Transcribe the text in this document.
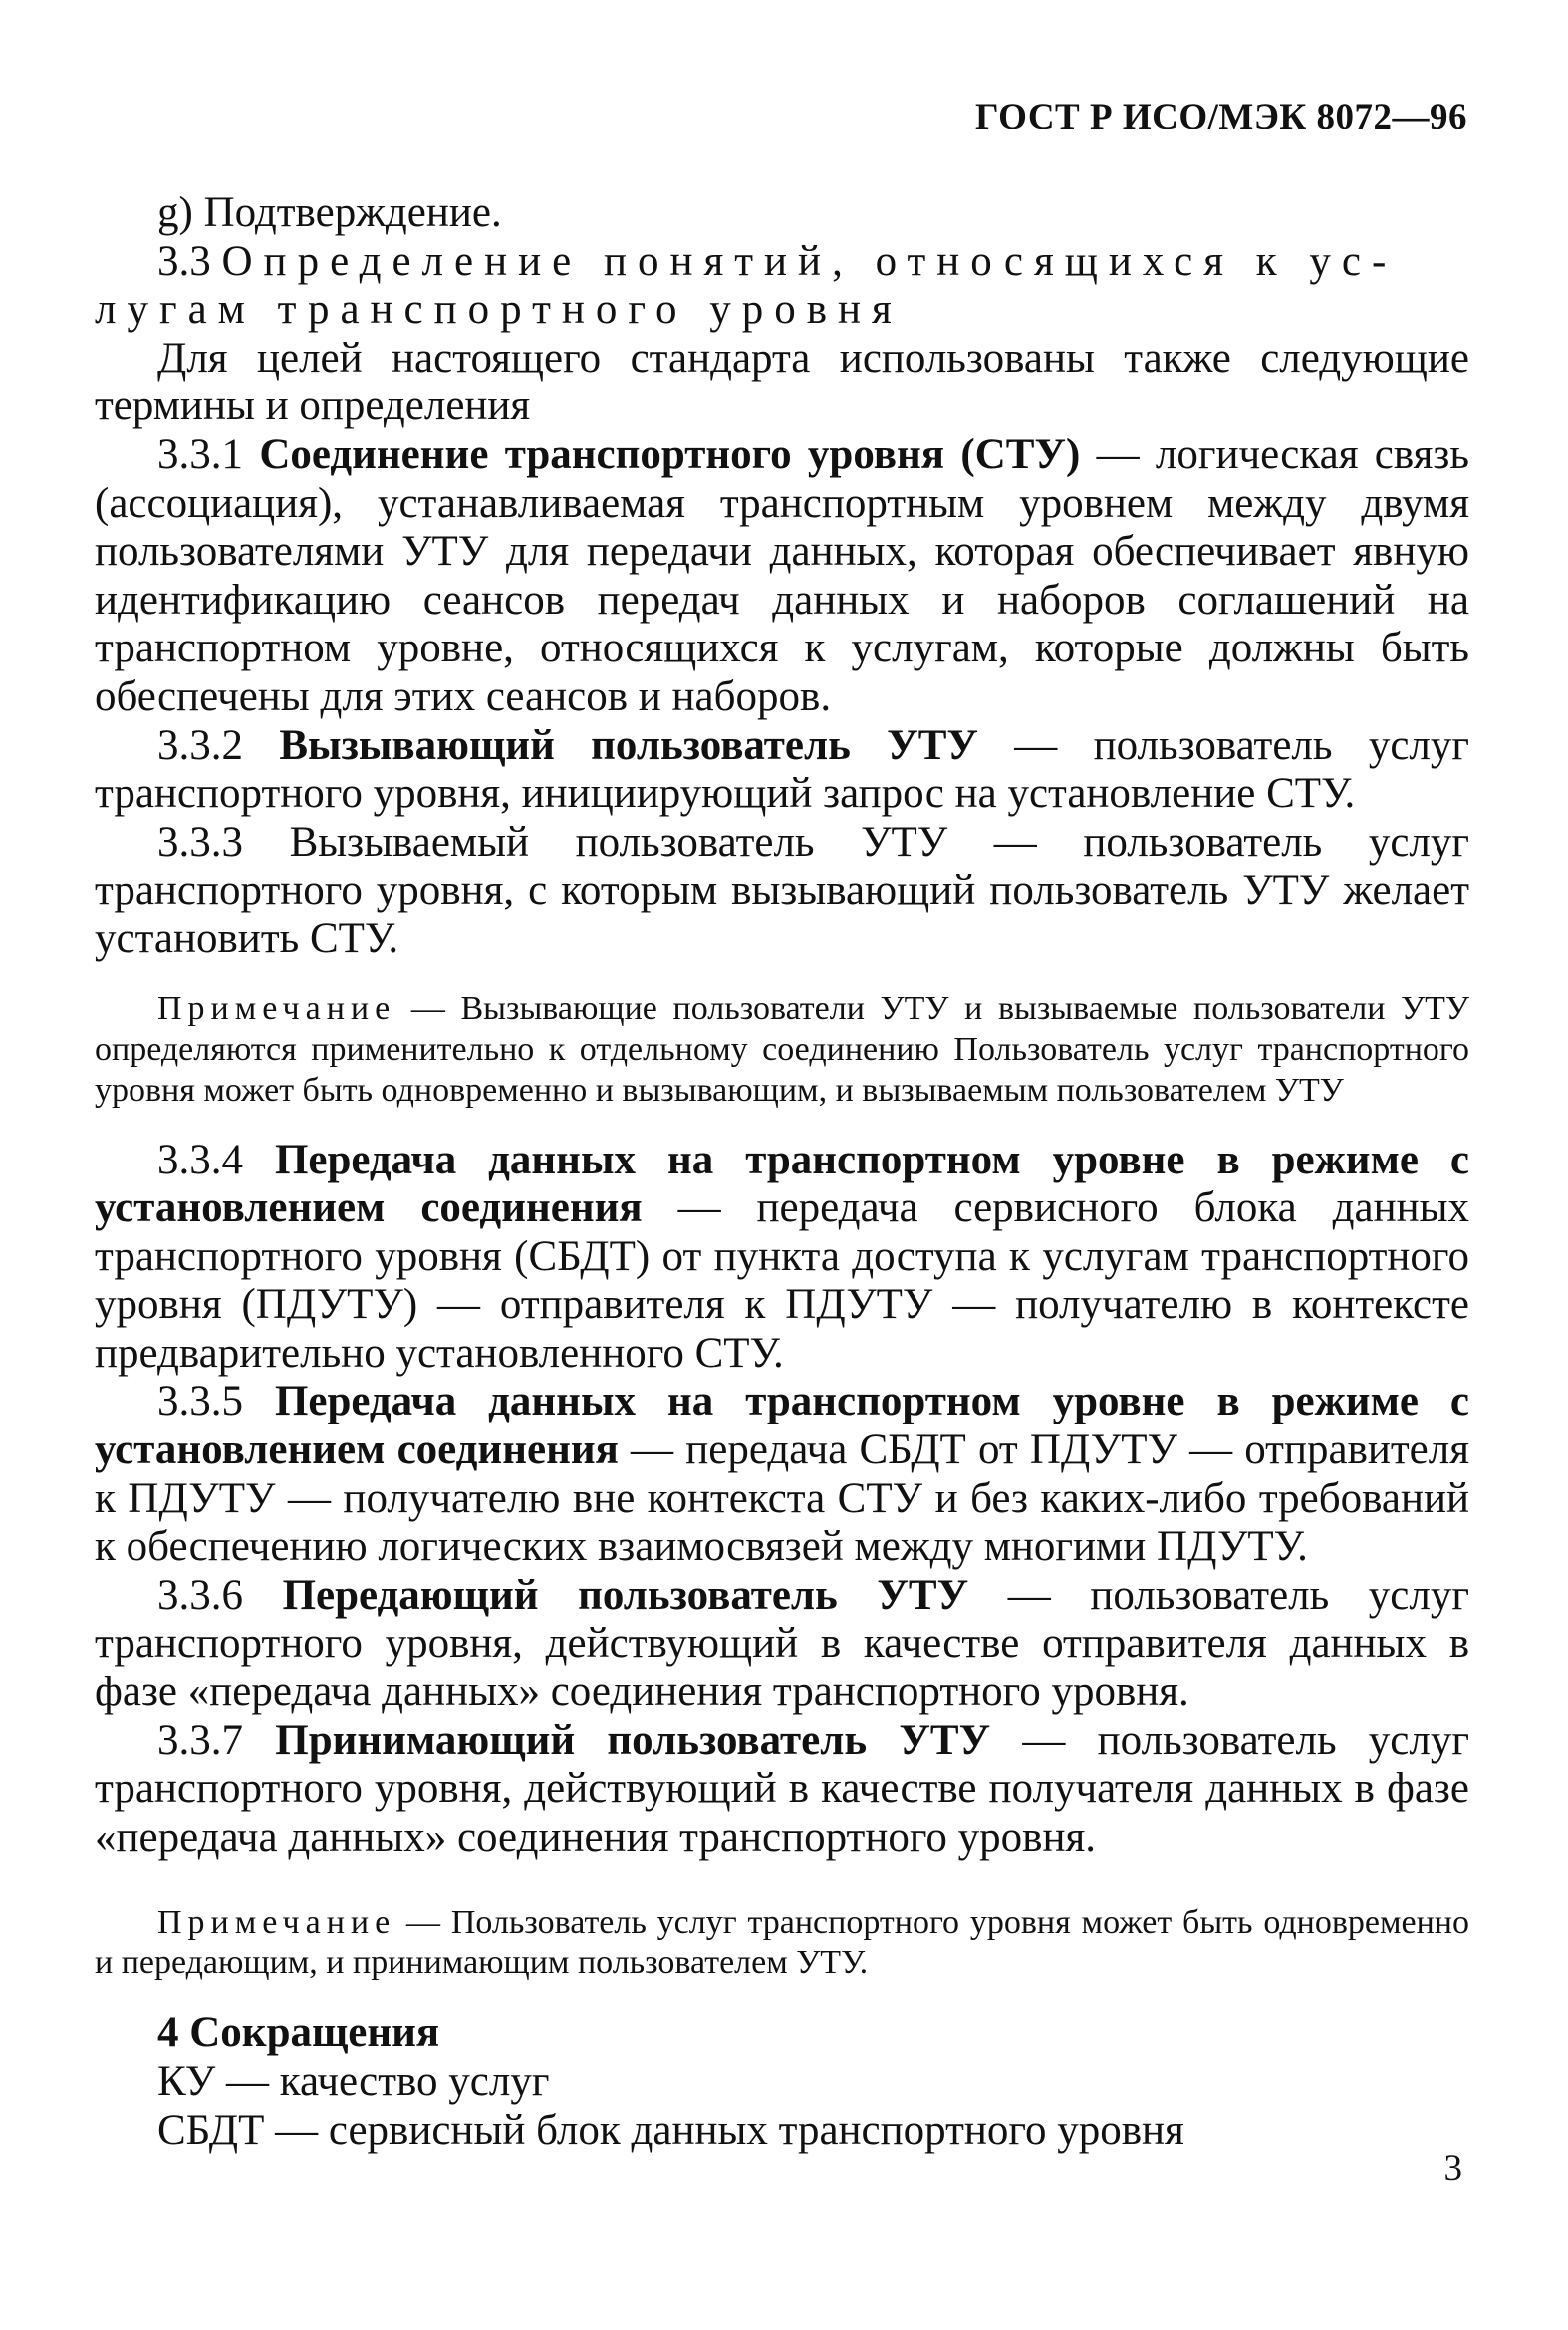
ГОСТ Р ИСО/МЭК 8072—96

g) Подтверждение.

3.3 Определение понятий, относящихся к ус-

лугам транспортного уровня

Для целей настоящего стандарта использованы также следующие термины и определения

3.3.1 Соединение транспортного уровня (СТУ) — логическая связь (ассоциация), устанавливаемая транспортным уровнем между двумя пользователями УТУ для передачи данных, которая обеспечивает явную идентификацию сеансов передач данных и наборов соглашений на транспортном уровне, относящихся к услугам, которые должны быть обеспечены для этих сеансов и наборов.

3.3.2 Вызывающий пользователь УТУ — пользователь услуг транспортного уровня, инициирующий запрос на установление СТУ.

3.3.3 Вызываемый пользователь УТУ — пользователь услуг транспортного уровня, с которым вызывающий пользователь УТУ желает установить СТУ.

Примечание — Вызывающие пользователи УТУ и вызываемые пользователи УТУ определяются применительно к отдельному соединению Пользователь услуг транспортного уровня может быть одновременно и вызывающим, и вызываемым пользователем УТУ

3.3.4 Передача данных на транспортном уровне в режиме с установлением соединения — передача сервисного блока данных транспортного уровня (СБДТ) от пункта доступа к услугам транспортного уровня (ПДУТУ) — отправителя к ПДУТУ — получателю в контексте предварительно установленного СТУ.

3.3.5 Передача данных на транспортном уровне в режиме с установлением соединения — передача СБДТ от ПДУТУ — отправителя к ПДУТУ — получателю вне контекста СТУ и без каких-либо требований к обеспечению логических взаимосвязей между многими ПДУТУ.

3.3.6 Передающий пользователь УТУ — пользователь услуг транспортного уровня, действующий в качестве отправителя данных в фазе «передача данных» соединения транспортного уровня.

3.3.7 Принимающий пользователь УТУ — пользователь услуг транспортного уровня, действующий в качестве получателя данных в фазе «передача данных» соединения транспортного уровня.

Примечание — Пользователь услуг транспортного уровня может быть одновременно и передающим, и принимающим пользователем УТУ.

4 Сокращения

КУ — качество услуг

СБДТ — сервисный блок данных транспортного уровня

3
